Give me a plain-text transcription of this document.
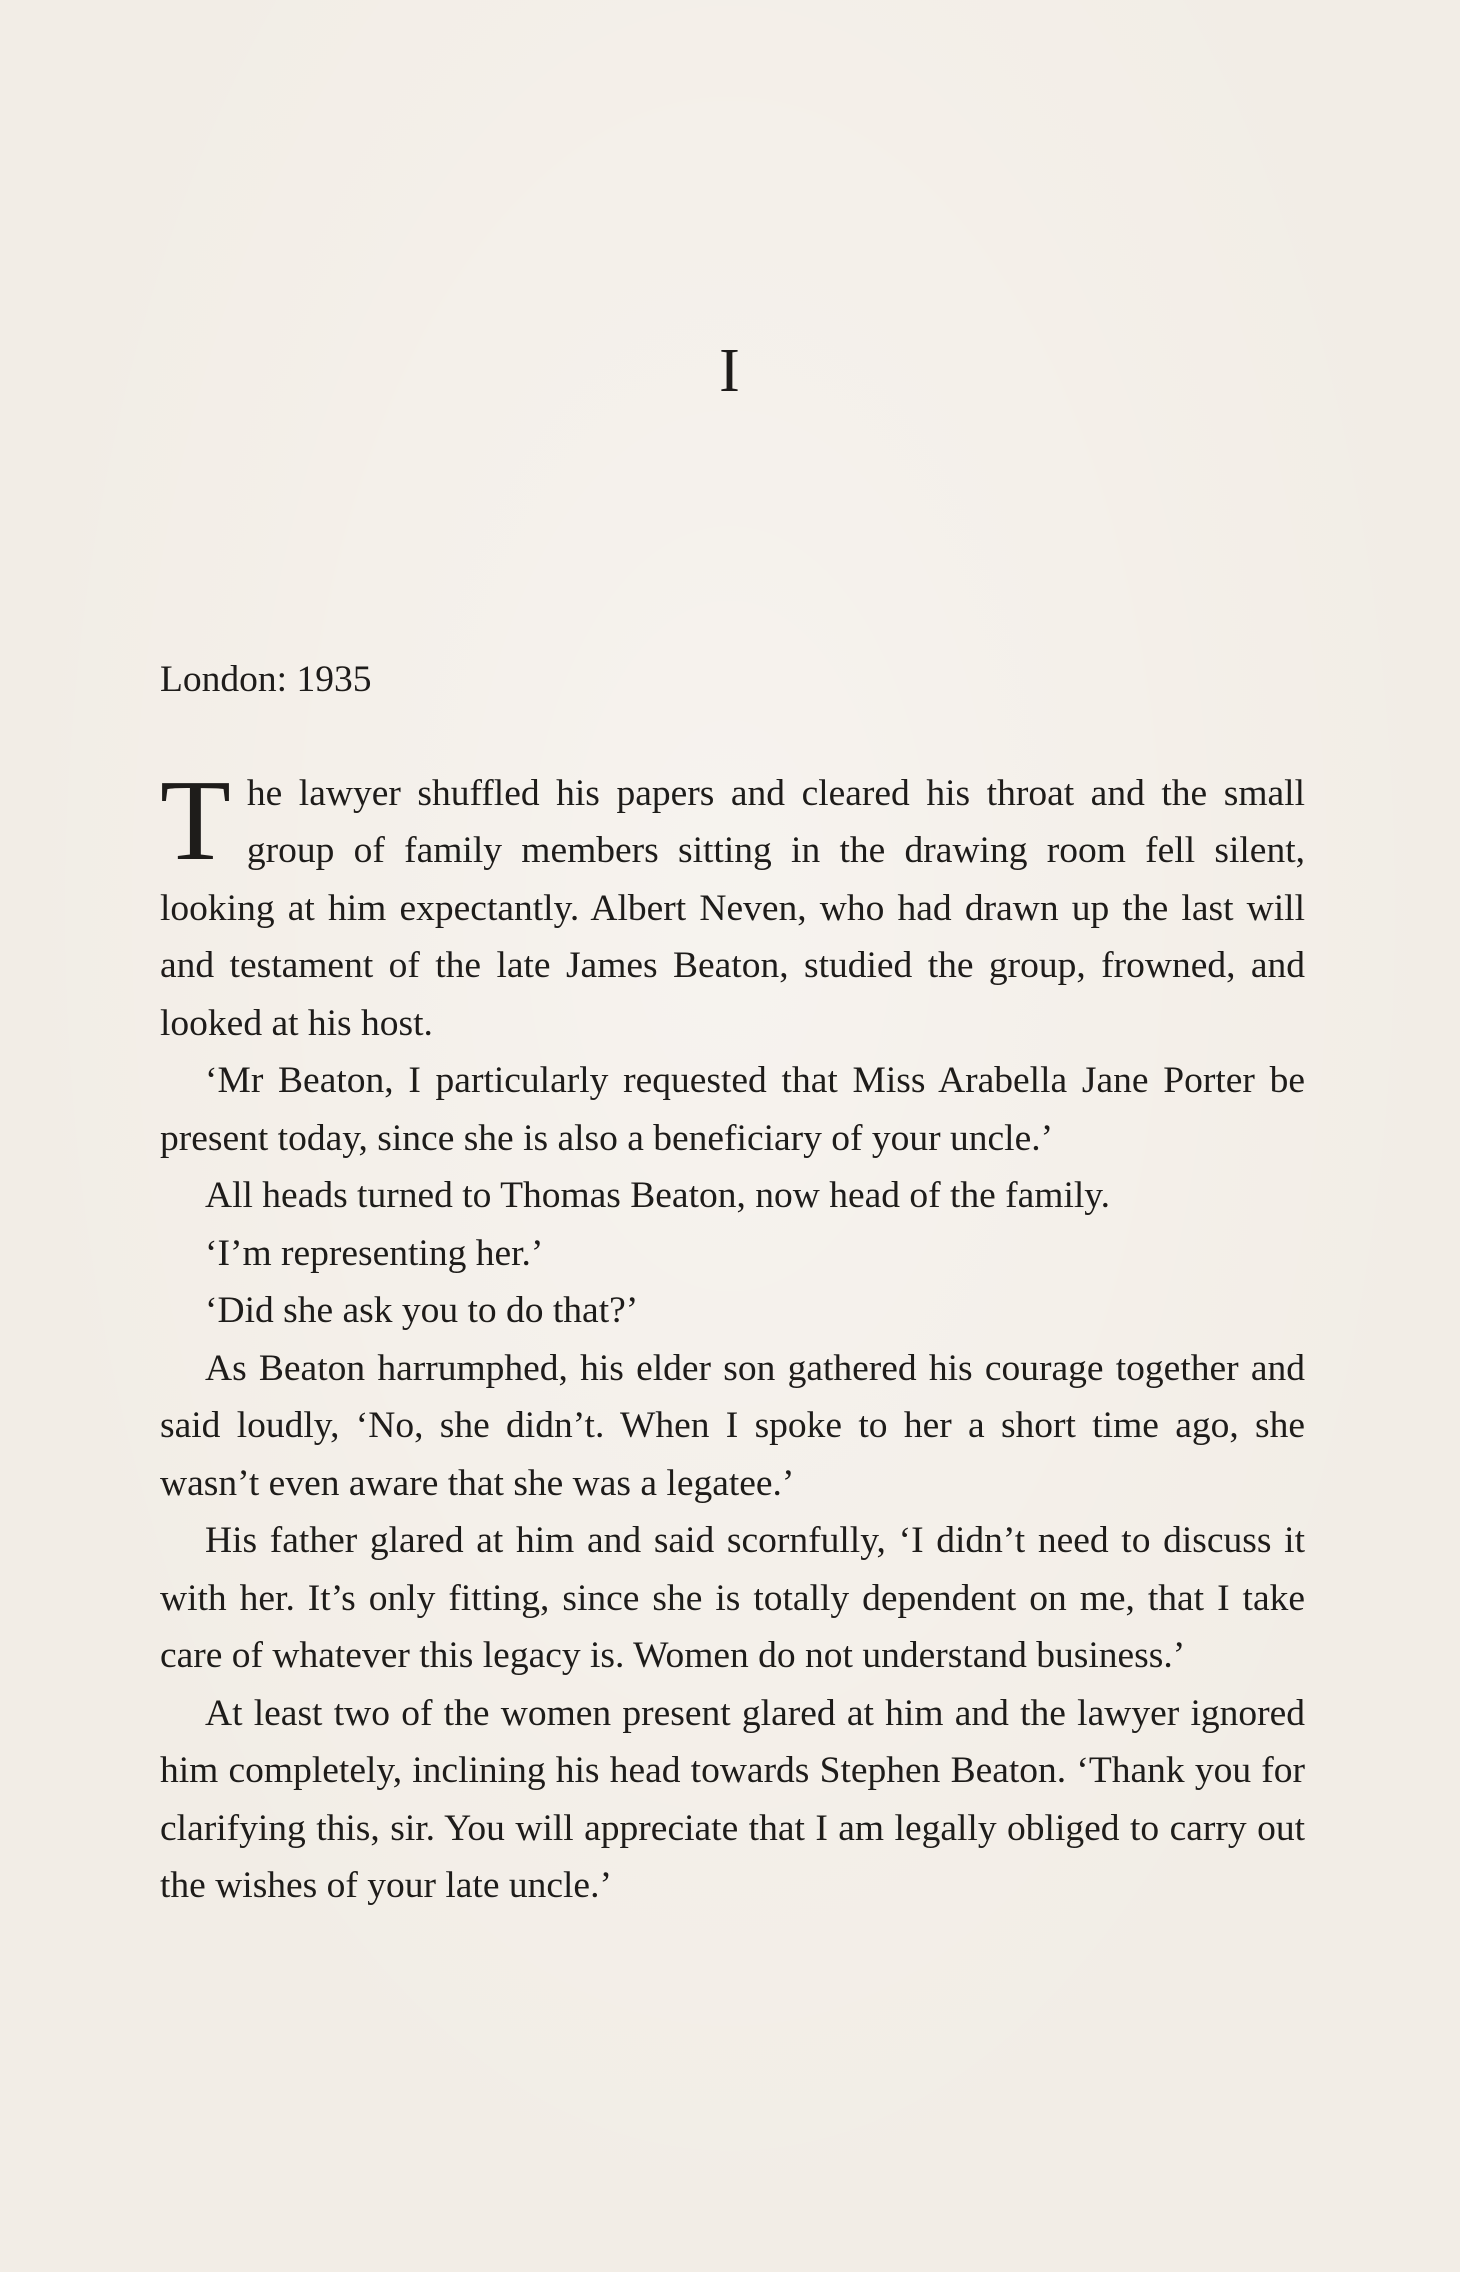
I

London: 1935

The lawyer shuffled his papers and cleared his throat and the small group of family members sitting in the drawing room fell silent, looking at him expectantly. Albert Neven, who had drawn up the last will and testament of the late James Beaton, studied the group, frowned, and looked at his host.

‘Mr Beaton, I particularly requested that Miss Arabella Jane Porter be present today, since she is also a beneficiary of your uncle.’

All heads turned to Thomas Beaton, now head of the family.

‘I’m representing her.’

‘Did she ask you to do that?’

As Beaton harrumphed, his elder son gathered his courage together and said loudly, ‘No, she didn’t. When I spoke to her a short time ago, she wasn’t even aware that she was a legatee.’

His father glared at him and said scornfully, ‘I didn’t need to discuss it with her. It’s only fitting, since she is totally dependent on me, that I take care of whatever this legacy is. Women do not understand business.’

At least two of the women present glared at him and the lawyer ignored him completely, inclining his head towards Stephen Beaton. ‘Thank you for clarifying this, sir. You will appreciate that I am legally obliged to carry out the wishes of your late uncle.’
